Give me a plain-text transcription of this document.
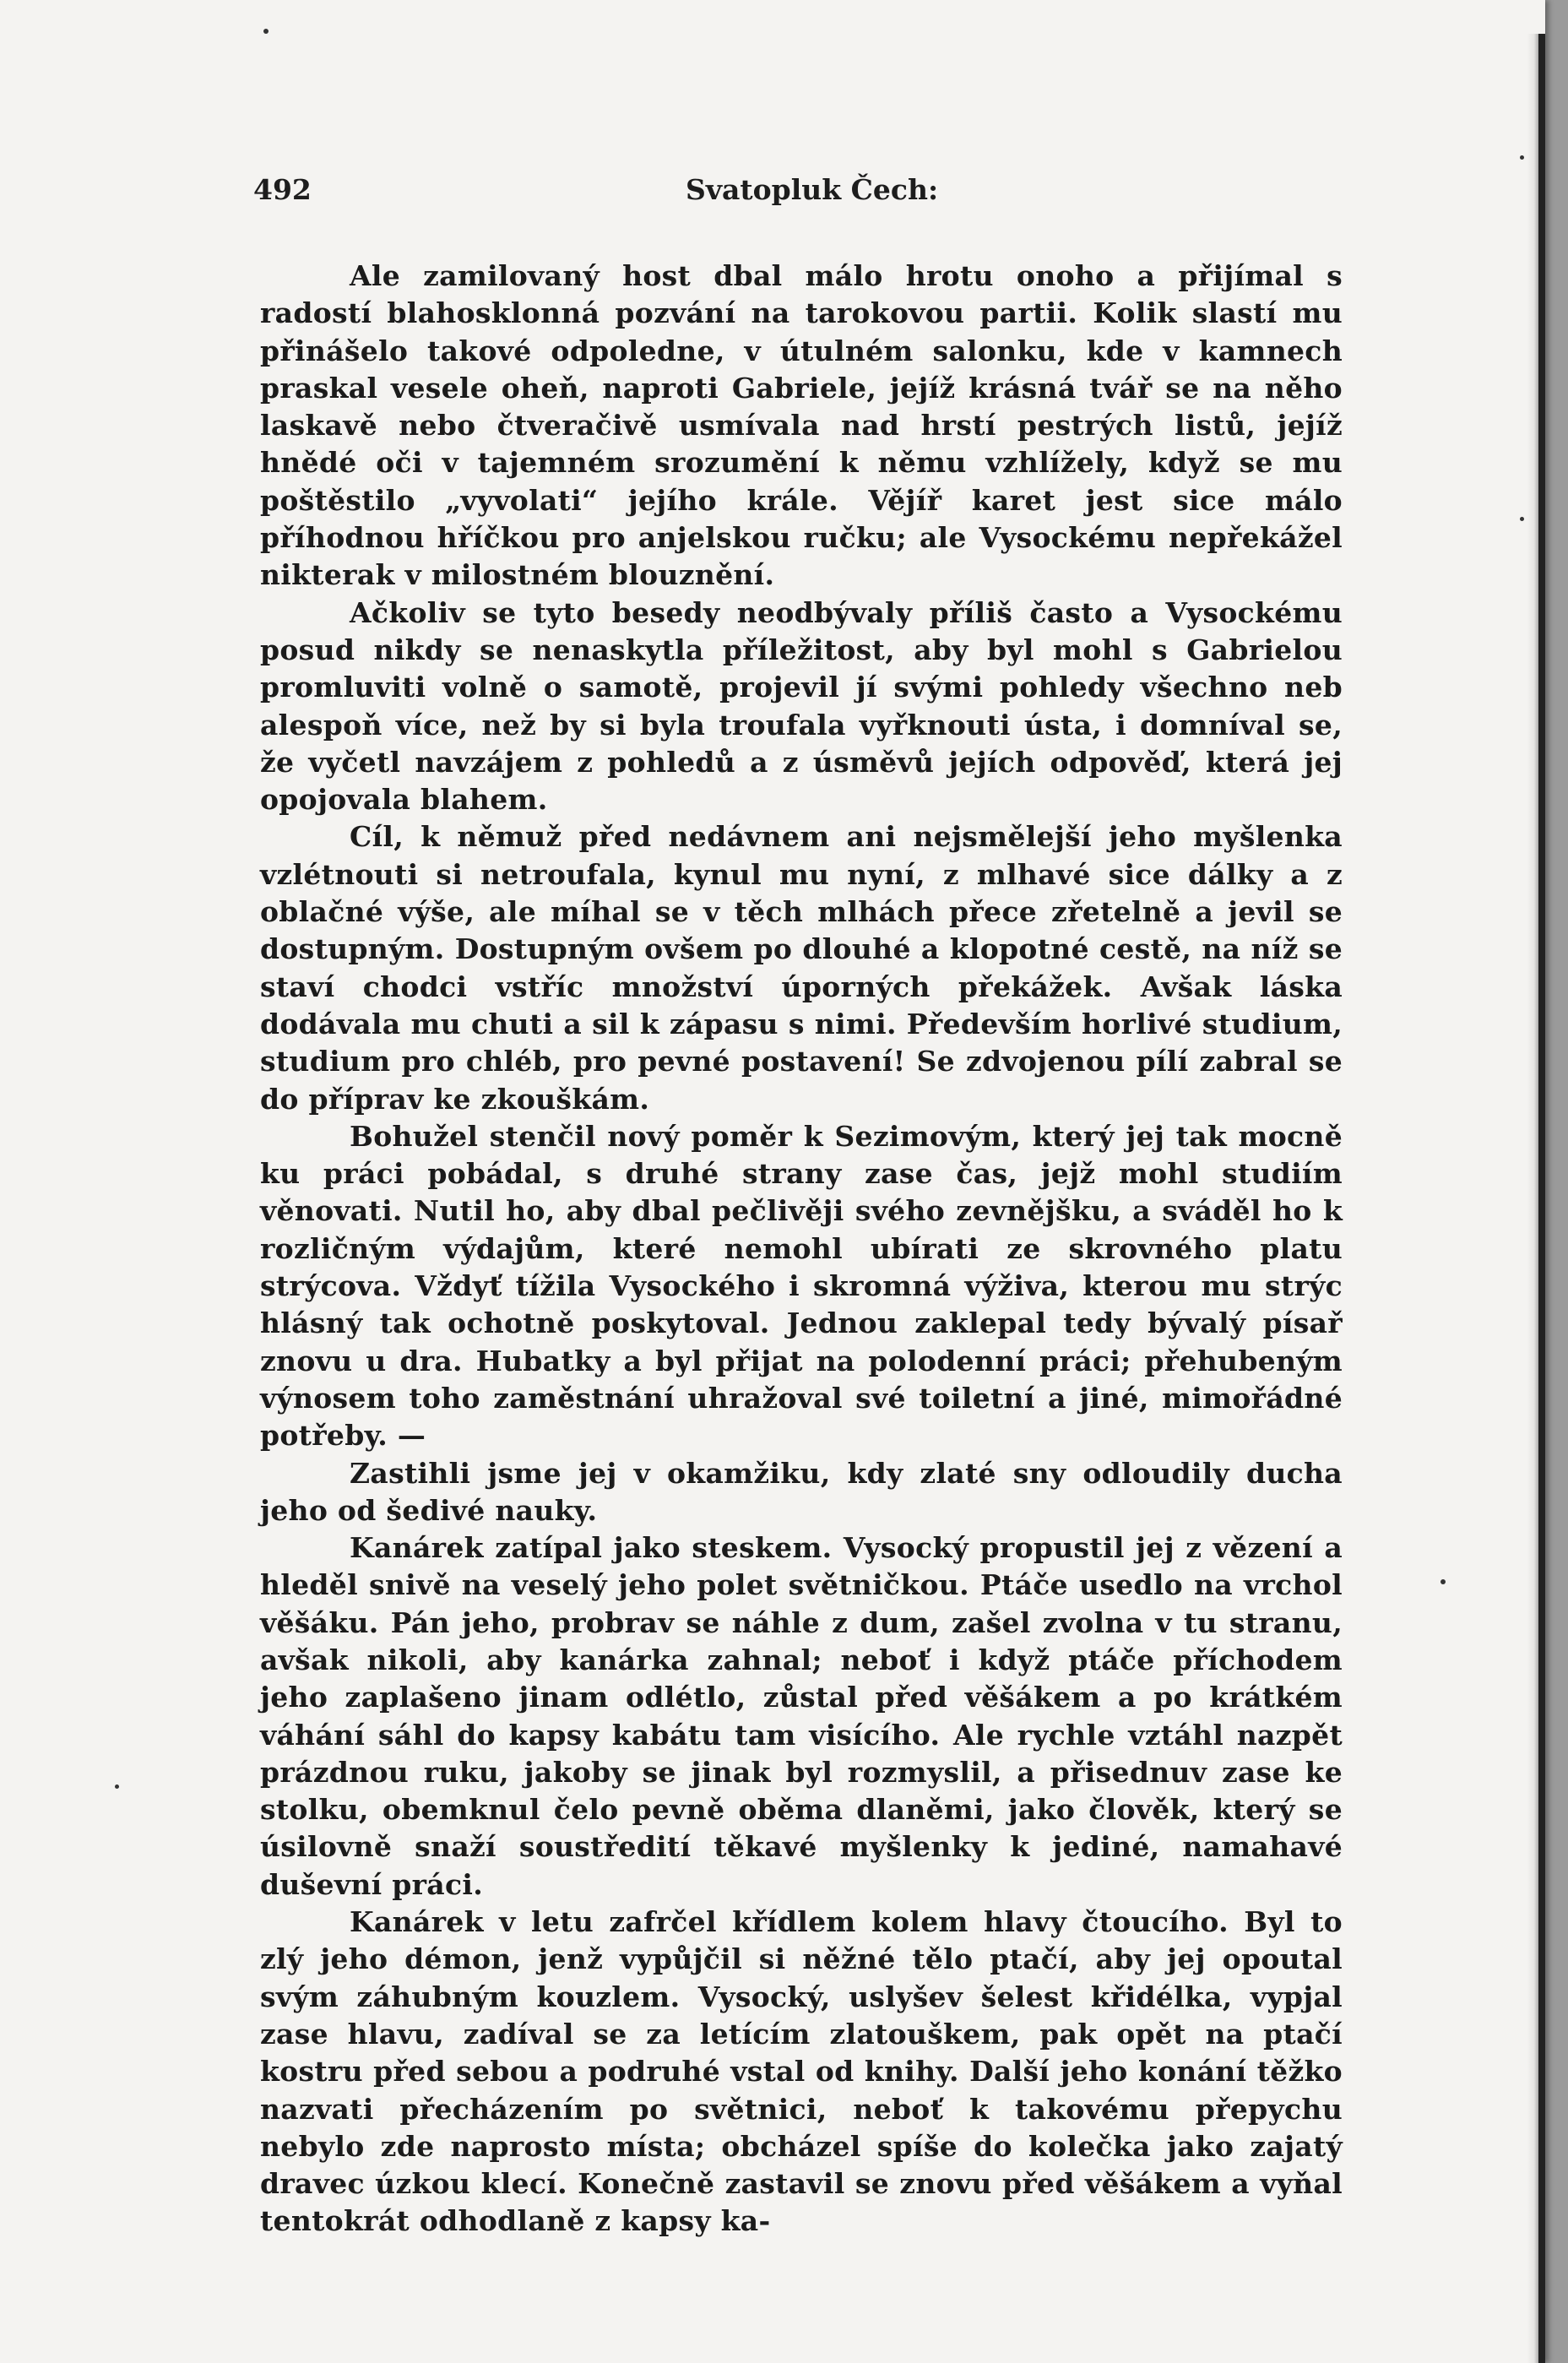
492	Svatopluk Čech:

Ale zamilovaný host dbal málo hrotu onoho a přijímal s radostí blahosklonná pozvání na tarokovou partii. Kolik slastí mu přinášelo takové odpoledne, v útulném salonku, kde v kamnech praskal vesele oheň, naproti Gabriele, jejíž krásná tvář se na něho laskavě nebo čtveračivě usmívala nad hrstí pestrých listů, jejíž hnědé oči v tajemném srozumění k němu vzhlížely, když se mu poštěstilo „vyvolati“ jejího krále. Vějíř karet jest sice málo příhodnou hříčkou pro anjelskou ručku; ale Vysockému nepřekážel nikterak v milostném blouznění.

Ačkoliv se tyto besedy neodbývaly příliš často a Vysockému posud nikdy se nenaskytla příležitost, aby byl mohl s Gabrielou promluviti volně o samotě, projevil jí svými pohledy všechno neb alespoň více, než by si byla troufala vyřknouti ústa, i domníval se, že vyčetl navzájem z pohledů a z úsměvů jejích odpověď, která jej opojovala blahem.

Cíl, k němuž před nedávnem ani nejsmělejší jeho myšlenka vzlétnouti si netroufala, kynul mu nyní, z mlhavé sice dálky a z oblačné výše, ale míhal se v těch mlhách přece zřetelně a jevil se dostupným. Dostupným ovšem po dlouhé a klopotné cestě, na níž se staví chodci vstříc množství úporných překážek. Avšak láska dodávala mu chuti a sil k zápasu s nimi. Především horlivé studium, studium pro chléb, pro pevné postavení! Se zdvojenou pílí zabral se do příprav ke zkouškám.

Bohužel stenčil nový poměr k Sezimovým, který jej tak mocně ku práci pobádal, s druhé strany zase čas, jejž mohl studiím věnovati. Nutil ho, aby dbal pečlivěji svého zevnějšku, a sváděl ho k rozličným výdajům, které nemohl ubírati ze skrovného platu strýcova. Vždyť tížila Vysockého i skromná výživa, kterou mu strýc hlásný tak ochotně poskytoval. Jednou zaklepal tedy bývalý písař znovu u dra. Hubatky a byl přijat na polodenní práci; přehubeným výnosem toho zaměstnání uhražoval své toiletní a jiné, mimořádné potřeby. —

Zastihli jsme jej v okamžiku, kdy zlaté sny odloudily ducha jeho od šedivé nauky.

Kanárek zatípal jako steskem. Vysocký propustil jej z vězení a hleděl snivě na veselý jeho polet světničkou. Ptáče usedlo na vrchol věšáku. Pán jeho, probrav se náhle z dum, zašel zvolna v tu stranu, avšak nikoli, aby kanárka zahnal; neboť i když ptáče příchodem jeho zaplašeno jinam odlétlo, zůstal před věšákem a po krátkém váhání sáhl do kapsy kabátu tam visícího. Ale rychle vztáhl nazpět prázdnou ruku, jakoby se jinak byl rozmyslil, a přisednuv zase ke stolku, obemknul čelo pevně oběma dlaněmi, jako člověk, který se úsilovně snaží soustředití těkavé myšlenky k jediné, namahavé duševní práci.

Kanárek v letu zafrčel křídlem kolem hlavy čtoucího. Byl to zlý jeho démon, jenž vypůjčil si něžné tělo ptačí, aby jej opoutal svým záhubným kouzlem. Vysocký, uslyšev šelest křidélka, vypjal zase hlavu, zadíval se za letícím zlatouškem, pak opět na ptačí kostru před sebou a podruhé vstal od knihy. Další jeho konání těžko nazvati přecházením po světnici, neboť k takovému přepychu nebylo zde naprosto místa; obcházel spíše do kolečka jako zajatý dravec úzkou klecí. Konečně zastavil se znovu před věšákem a vyňal tentokrát odhodlaně z kapsy ka-
